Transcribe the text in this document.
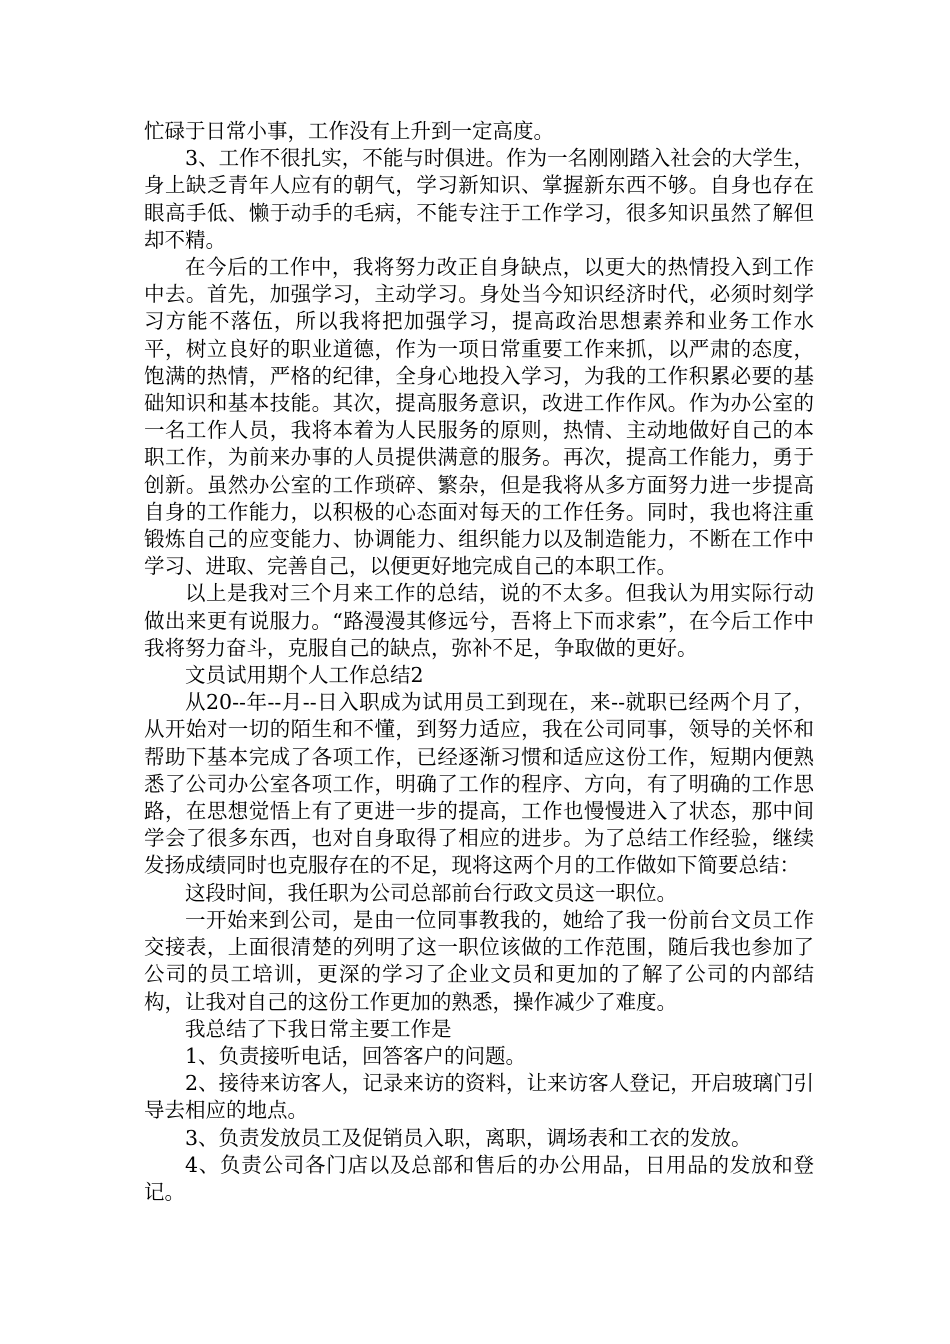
忙碌于日常小事，工作没有上升到一定高度。

3、工作不很扎实，不能与时俱进。作为一名刚刚踏入社会的大学生，身上缺乏青年人应有的朝气，学习新知识、掌握新东西不够。自身也存在眼高手低、懒于动手的毛病，不能专注于工作学习，很多知识虽然了解但却不精。

在今后的工作中，我将努力改正自身缺点，以更大的热情投入到工作中去。首先，加强学习，主动学习。身处当今知识经济时代，必须时刻学习方能不落伍，所以我将把加强学习，提高政治思想素养和业务工作水平，树立良好的职业道德，作为一项日常重要工作来抓，以严肃的态度，饱满的热情，严格的纪律，全身心地投入学习，为我的工作积累必要的基础知识和基本技能。其次，提高服务意识，改进工作作风。作为办公室的一名工作人员，我将本着为人民服务的原则，热情、主动地做好自己的本职工作，为前来办事的人员提供满意的服务。再次，提高工作能力，勇于创新。虽然办公室的工作琐碎、繁杂，但是我将从多方面努力进一步提高自身的工作能力，以积极的心态面对每天的工作任务。同时，我也将注重锻炼自己的应变能力、协调能力、组织能力以及制造能力，不断在工作中学习、进取、完善自己，以便更好地完成自己的本职工作。

以上是我对三个月来工作的总结，说的不太多。但我认为用实际行动做出来更有说服力。“路漫漫其修远兮，吾将上下而求索”，在今后工作中我将努力奋斗，克服自己的缺点，弥补不足，争取做的更好。

文员试用期个人工作总结2

从20--年--月--日入职成为试用员工到现在，来--就职已经两个月了，从开始对一切的陌生和不懂，到努力适应，我在公司同事，领导的关怀和帮助下基本完成了各项工作，已经逐渐习惯和适应这份工作，短期内便熟悉了公司办公室各项工作，明确了工作的程序、方向，有了明确的工作思路，在思想觉悟上有了更进一步的提高，工作也慢慢进入了状态，那中间学会了很多东西，也对自身取得了相应的进步。为了总结工作经验，继续发扬成绩同时也克服存在的不足，现将这两个月的工作做如下简要总结：

这段时间，我任职为公司总部前台行政文员这一职位。

一开始来到公司，是由一位同事教我的，她给了我一份前台文员工作交接表，上面很清楚的列明了这一职位该做的工作范围，随后我也参加了公司的员工培训，更深的学习了企业文员和更加的了解了公司的内部结构，让我对自己的这份工作更加的熟悉，操作减少了难度。

我总结了下我日常主要工作是

1、负责接听电话，回答客户的问题。

2、接待来访客人，记录来访的资料，让来访客人登记，开启玻璃门引导去相应的地点。

3、负责发放员工及促销员入职，离职，调场表和工衣的发放。

4、负责公司各门店以及总部和售后的办公用品，日用品的发放和登记。
